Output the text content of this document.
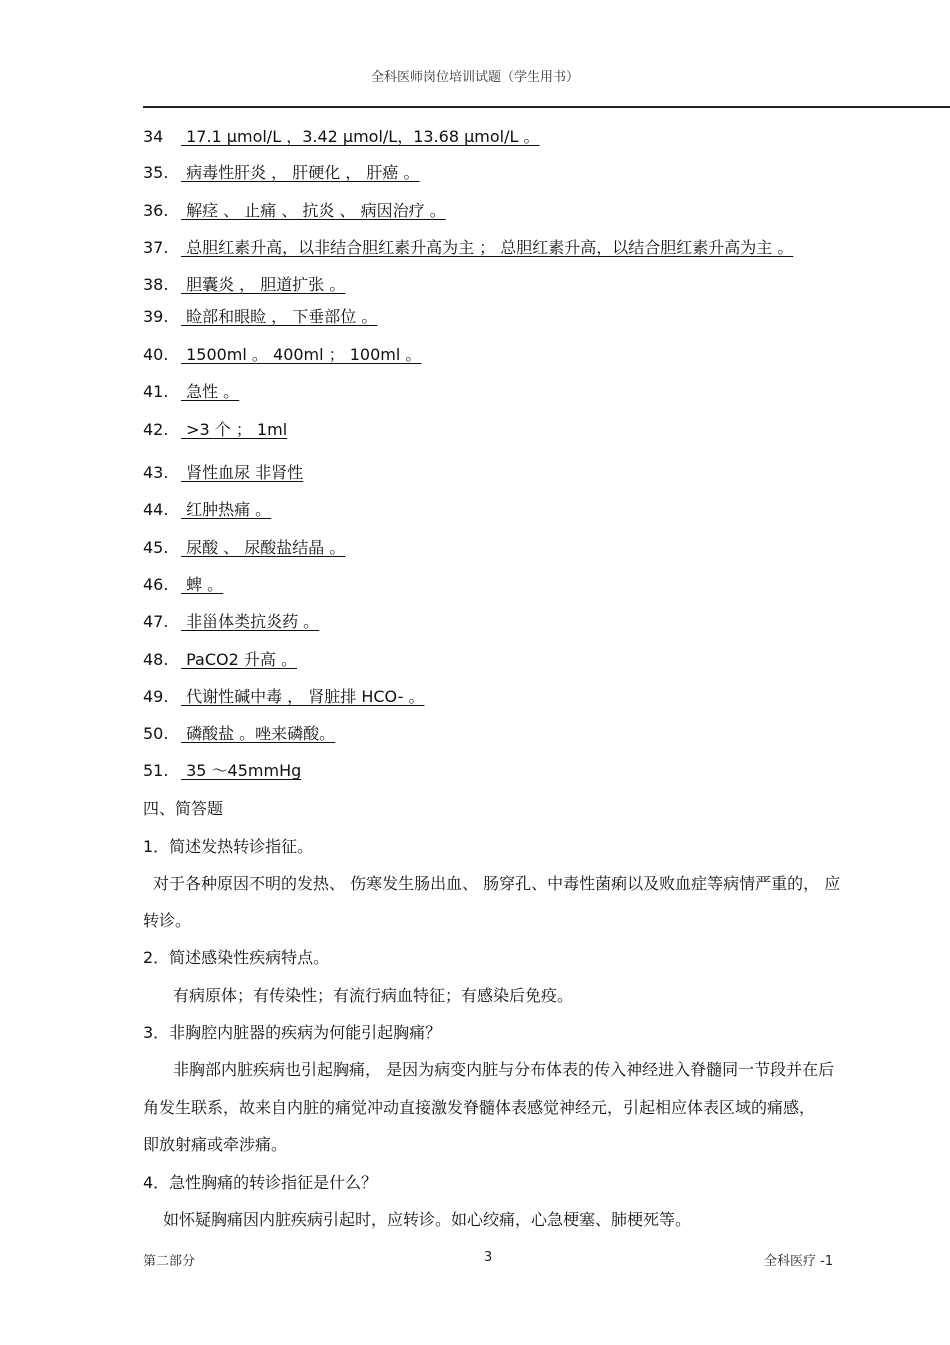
全科医师岗位培训试题（学生用书）
34 17.1 μmol/L ，3.42 μmol/L，13.68 μmol/L 。
35. 病毒性肝炎 ， 肝硬化 ， 肝癌 。
36. 解痉 、 止痛 、 抗炎 、 病因治疗 。
37. 总胆红素升高，以非结合胆红素升高为主 ； 总胆红素升高，以结合胆红素升高为主 。
38. 胆囊炎 ， 胆道扩张 。
39. 睑部和眼睑 ， 下垂部位 。
40. 1500ml 。 400ml ； 100ml 。
41. 急性 。
42. >3 个 ； 1ml
43. 肾性血尿 非肾性
44. 红肿热痛 。
45. 尿酸 、 尿酸盐结晶 。
46. 蜱 。
47. 非甾体类抗炎药 。
48. PaCO2 升高 。
49. 代谢性碱中毒 ， 肾脏排 HCO- 。
50. 磷酸盐 。唑来磷酸。
51. 35 ～45mmHg
四、简答题
1．简述发热转诊指征。
对于各种原因不明的发热、 伤寒发生肠出血、 肠穿孔、中毒性菌痢以及败血症等病情严重的， 应
转诊。
2．简述感染性疾病特点。
有病原体；有传染性；有流行病血特征；有感染后免疫。
3．非胸腔内脏器的疾病为何能引起胸痛？
非胸部内脏疾病也引起胸痛， 是因为病变内脏与分布体表的传入神经进入脊髓同一节段并在后
角发生联系，故来自内脏的痛觉冲动直接激发脊髓体表感觉神经元，引起相应体表区域的痛感，
即放射痛或牵涉痛。
4．急性胸痛的转诊指征是什么？
如怀疑胸痛因内脏疾病引起时，应转诊。如心绞痛，心急梗塞、肺梗死等。
第二部分	3	全科医疗 -1
